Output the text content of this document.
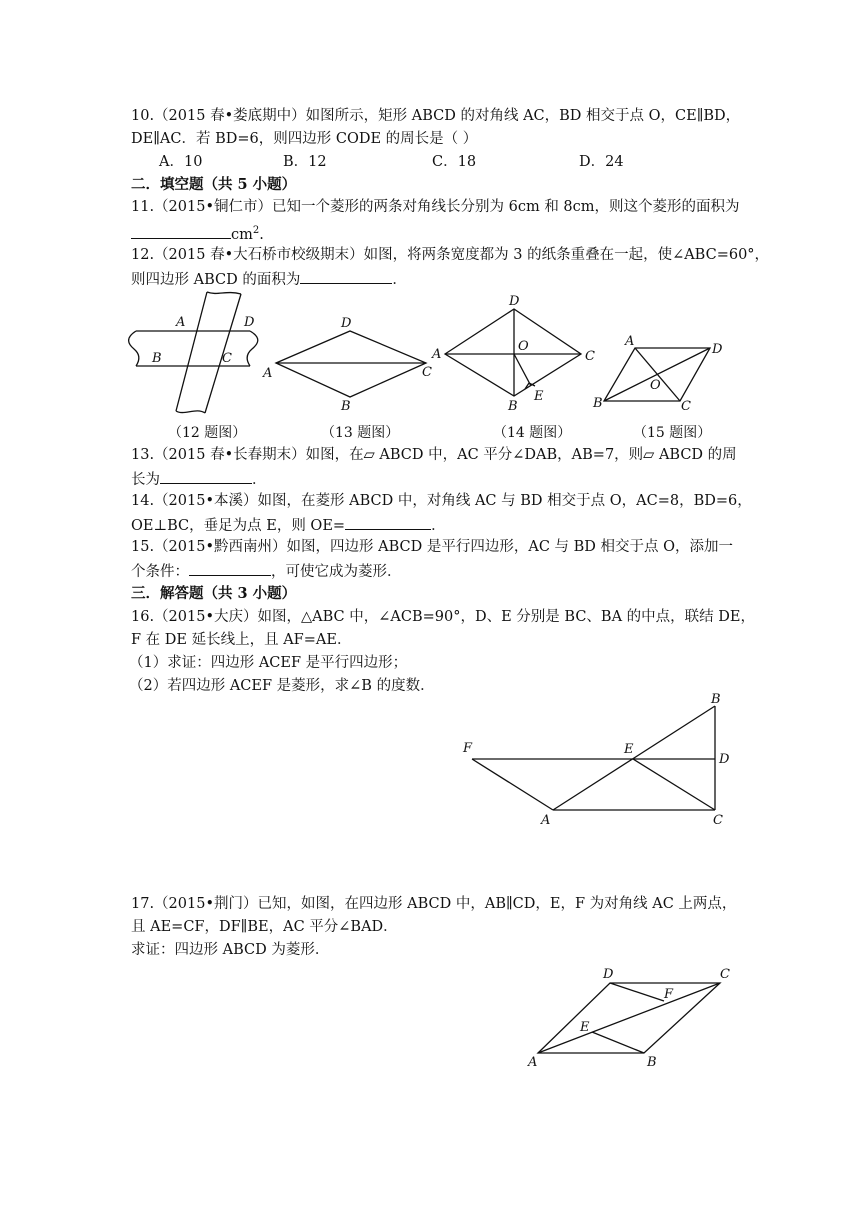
10.（2015 春•娄底期中）如图所示，矩形 ABCD 的对角线 AC，BD 相交于点 O，CE∥BD，
DE∥AC．若 BD=6，则四边形 CODE 的周长是（ ）
A．10	B．12	C．18	D．24
二．填空题（共 5 小题）
11.（2015•铜仁市）已知一个菱形的两条对角线长分别为 6cm 和 8cm，则这个菱形的面积为
$cm^2$.
12.（2015 春•大石桥市校级期末）如图，将两条宽度都为 3 的纸条重叠在一起，使∠ABC=60°，
则四边形 ABCD 的面积为	．
A	D
B	C
D
A	C
B
D
A
O
C
B
E
A
D
O
B	C
B
F	E
D
A	C
D	C
F
E
A	B
（12 题图）	（13 题图）	（14 题图）	（15 题图）
13.（2015 春•长春期末）如图，在▱ ABCD 中，AC 平分∠DAB，AB=7，则▱ ABCD 的周
长为	．
14.（2015•本溪）如图，在菱形 ABCD 中，对角线 AC 与 BD 相交于点 O，AC=8，BD=6，
OE⊥BC，垂足为点 E，则 OE=	．
15.（2015•黔西南州）如图，四边形 ABCD 是平行四边形，AC 与 BD 相交于点 O，添加一
个条件：	，可使它成为菱形．
三．解答题（共 3 小题）
16.（2015•大庆）如图，△ABC 中，∠ACB=90°，D、E 分别是 BC、BA 的中点，联结 DE，
F 在 DE 延长线上，且 AF=AE．
（1）求证：四边形 ACEF 是平行四边形；
（2）若四边形 ACEF 是菱形，求∠B 的度数．
17.（2015•荆门）已知，如图，在四边形 ABCD 中，AB∥CD，E，F 为对角线 AC 上两点，
且 AE=CF，DF∥BE，AC 平分∠BAD．
求证：四边形 ABCD 为菱形．
